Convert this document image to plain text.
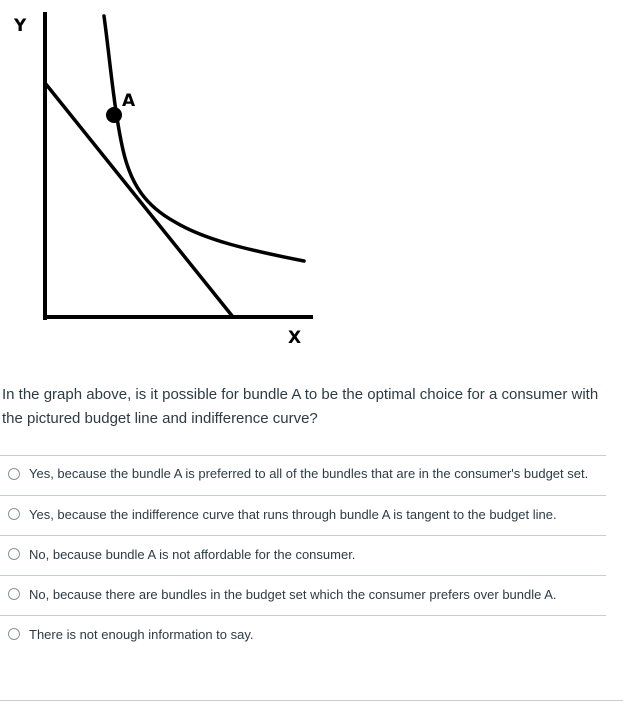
Y
X
A
In the graph above, is it possible for bundle A to be the optimal choice for a consumer with the pictured budget line and indifference curve?
Yes, because the bundle A is preferred to all of the bundles that are in the consumer's budget set.
Yes, because the indifference curve that runs through bundle A is tangent to the budget line.
No, because bundle A is not affordable for the consumer.
No, because there are bundles in the budget set which the consumer prefers over bundle A.
There is not enough information to say.
